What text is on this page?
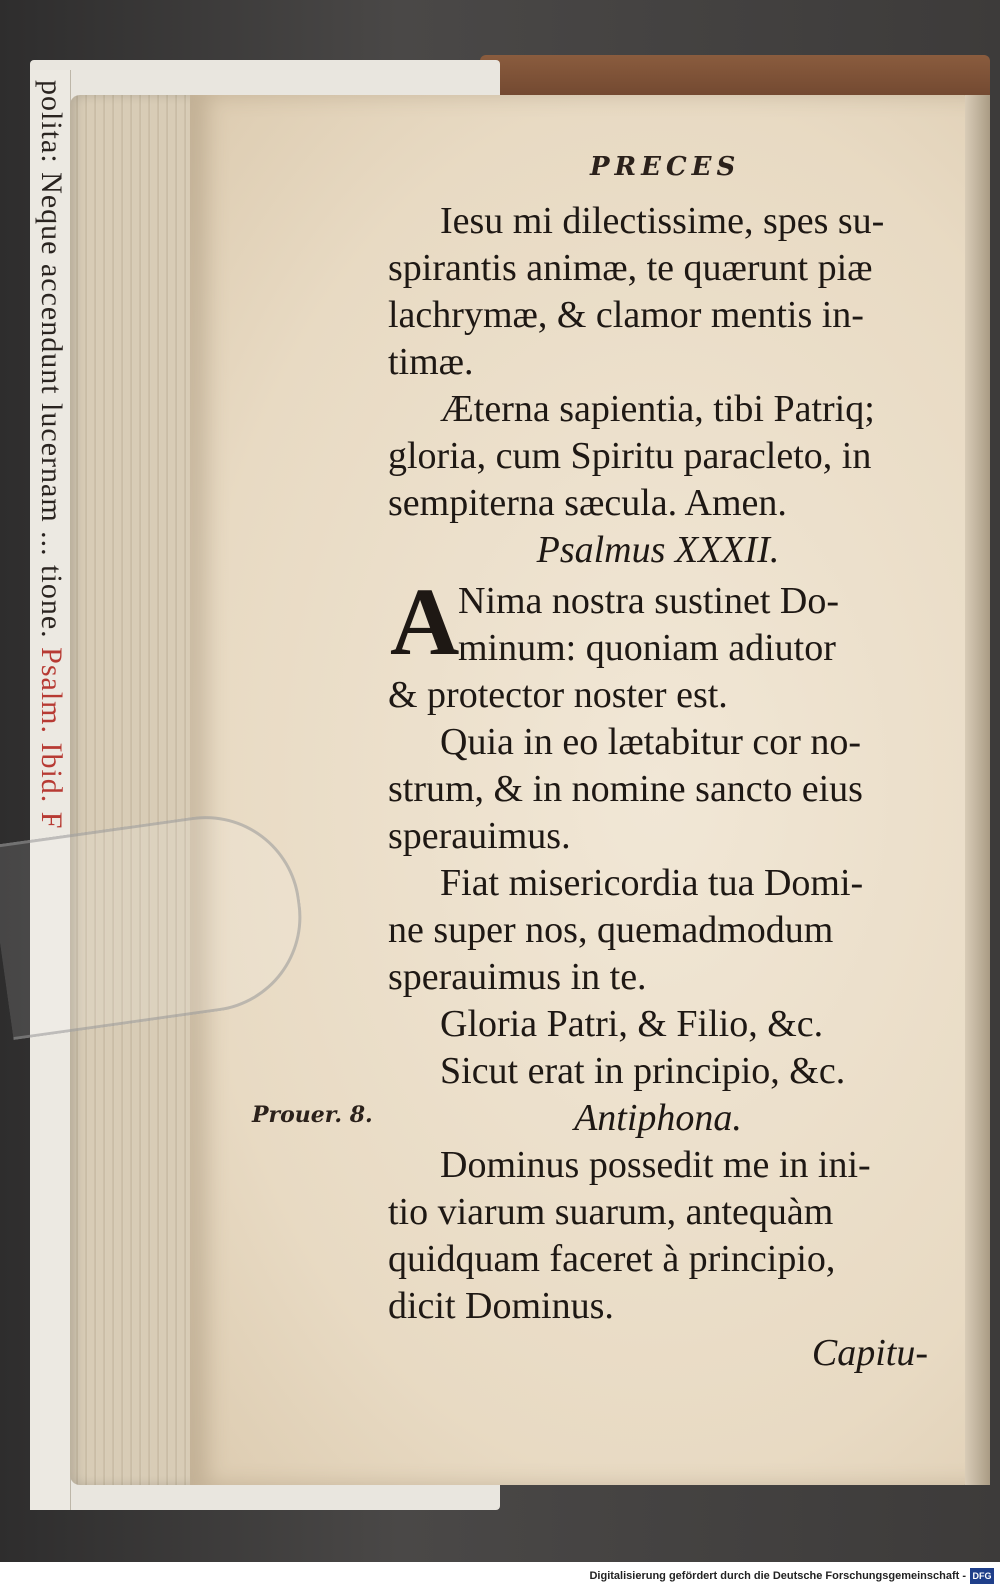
polita: Neque accendunt lucernam ... tione. Psalm. Ibid. F
PRECES
Iesu mi dilectissime, spes su-
spirantis animæ, te quærunt piæ
lachrymæ, & clamor mentis in-
timæ.
Æterna sapientia, tibi Patriq;
gloria, cum Spiritu paracleto, in
sempiterna sæcula. Amen.
Psalmus XXXII.
A
Nima nostra sustinet Do-
minum: quoniam adiutor
& protector noster est.
Quia in eo lætabitur cor no-
strum, & in nomine sancto eius
sperauimus.
Fiat misericordia tua Domi-
ne super nos, quemadmodum
sperauimus in te.
Gloria Patri, & Filio, &c.
Sicut erat in principio, &c.
Antiphona.
Dominus possedit me in ini-
tio viarum suarum, antequàm
quidquam faceret à principio,
dicit Dominus.
Capitu-
Prouer. 8.
Digitalisierung gefördert durch die Deutsche Forschungsgemeinschaft - DFG
